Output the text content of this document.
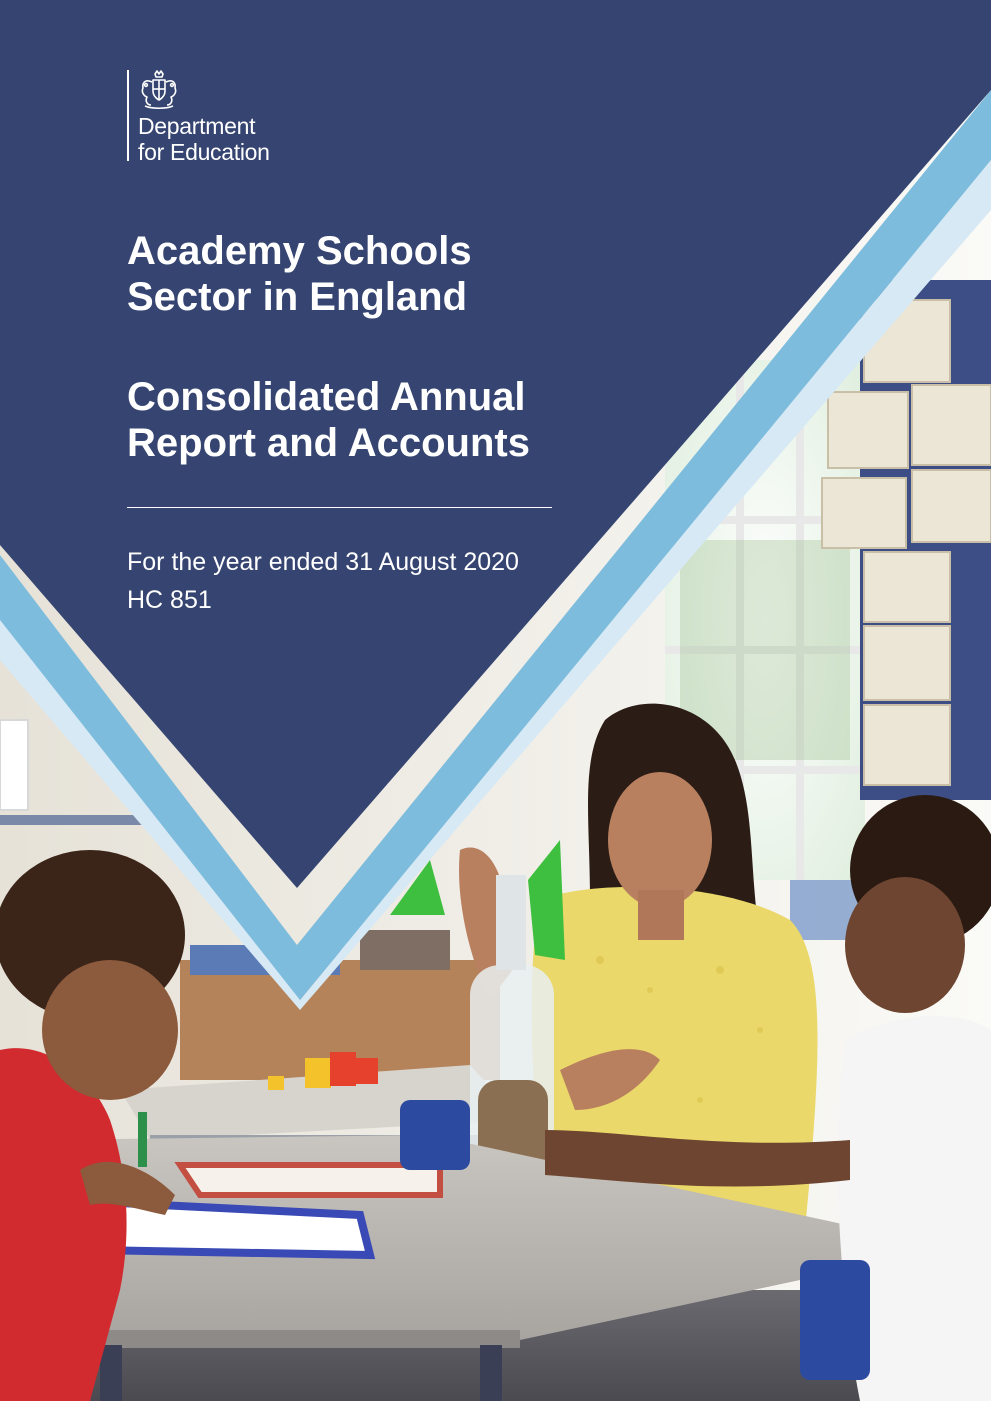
Department
for Education
Academy Schools
Sector in England
Consolidated Annual
Report and Accounts
For the year ended 31 August 2020
HC 851
